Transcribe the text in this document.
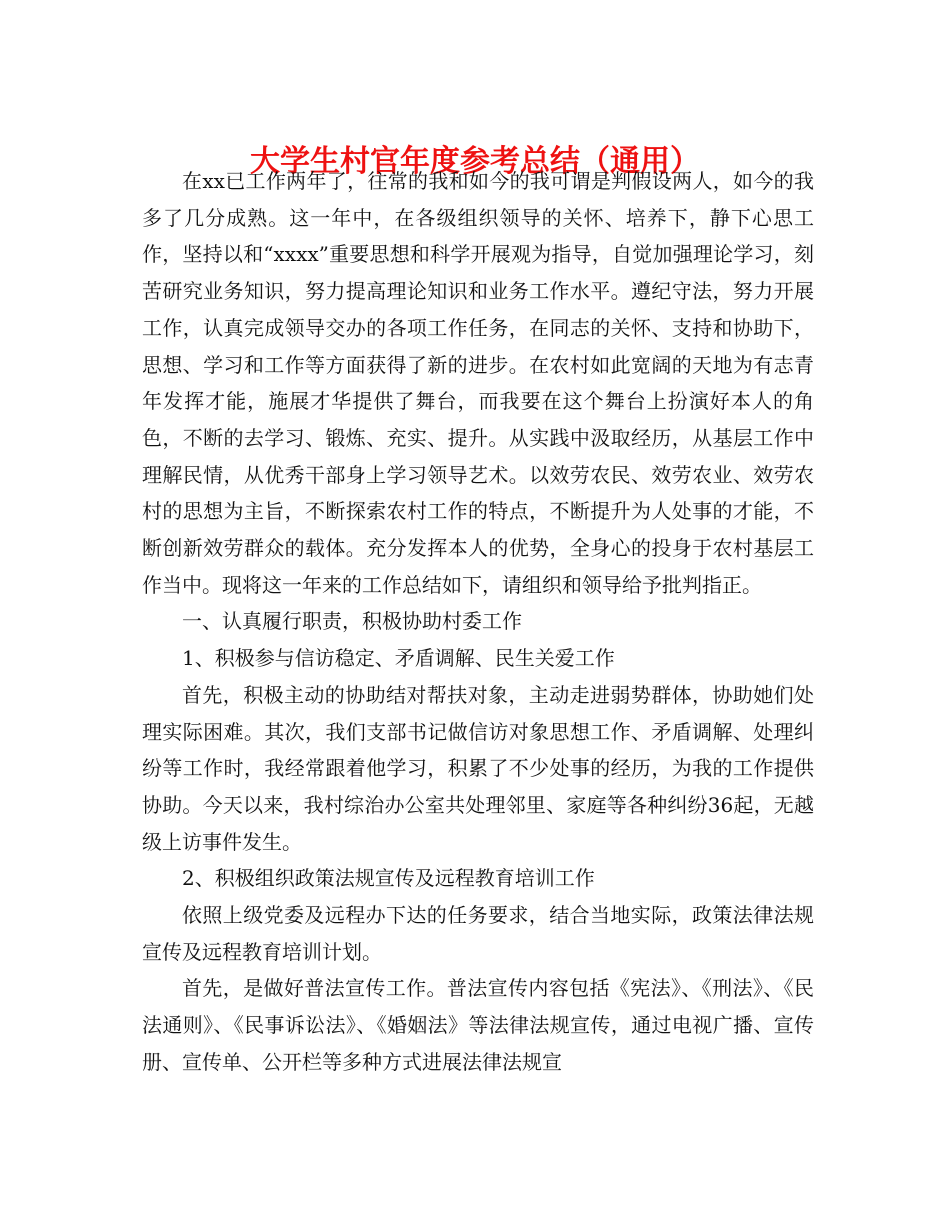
大学生村官年度参考总结（通用）

在xx已工作两年了，往常的我和如今的我可谓是判假设两人，如今的我多了几分成熟。这一年中，在各级组织领导的关怀、培养下，静下心思工作，坚持以和“xxxx”重要思想和科学开展观为指导，自觉加强理论学习，刻苦研究业务知识，努力提高理论知识和业务工作水平。遵纪守法，努力开展工作，认真完成领导交办的各项工作任务，在同志的关怀、支持和协助下，思想、学习和工作等方面获得了新的进步。在农村如此宽阔的天地为有志青年发挥才能，施展才华提供了舞台，而我要在这个舞台上扮演好本人的角色，不断的去学习、锻炼、充实、提升。从实践中汲取经历，从基层工作中理解民情，从优秀干部身上学习领导艺术。以效劳农民、效劳农业、效劳农村的思想为主旨，不断探索农村工作的特点，不断提升为人处事的才能，不断创新效劳群众的载体。充分发挥本人的优势，全身心的投身于农村基层工作当中。现将这一年来的工作总结如下，请组织和领导给予批判指正。

一、认真履行职责，积极协助村委工作

1、积极参与信访稳定、矛盾调解、民生关爱工作

首先，积极主动的协助结对帮扶对象，主动走进弱势群体，协助她们处理实际困难。其次，我们支部书记做信访对象思想工作、矛盾调解、处理纠纷等工作时，我经常跟着他学习，积累了不少处事的经历，为我的工作提供协助。今天以来，我村综治办公室共处理邻里、家庭等各种纠纷36起，无越级上访事件发生。

2、积极组织政策法规宣传及远程教育培训工作

依照上级党委及远程办下达的任务要求，结合当地实际，政策法律法规宣传及远程教育培训计划。

首先，是做好普法宣传工作。普法宣传内容包括《宪法》、《刑法》、《民法通则》、《民事诉讼法》、《婚姻法》等法律法规宣传，通过电视广播、宣传册、宣传单、公开栏等多种方式进展法律法规宣
